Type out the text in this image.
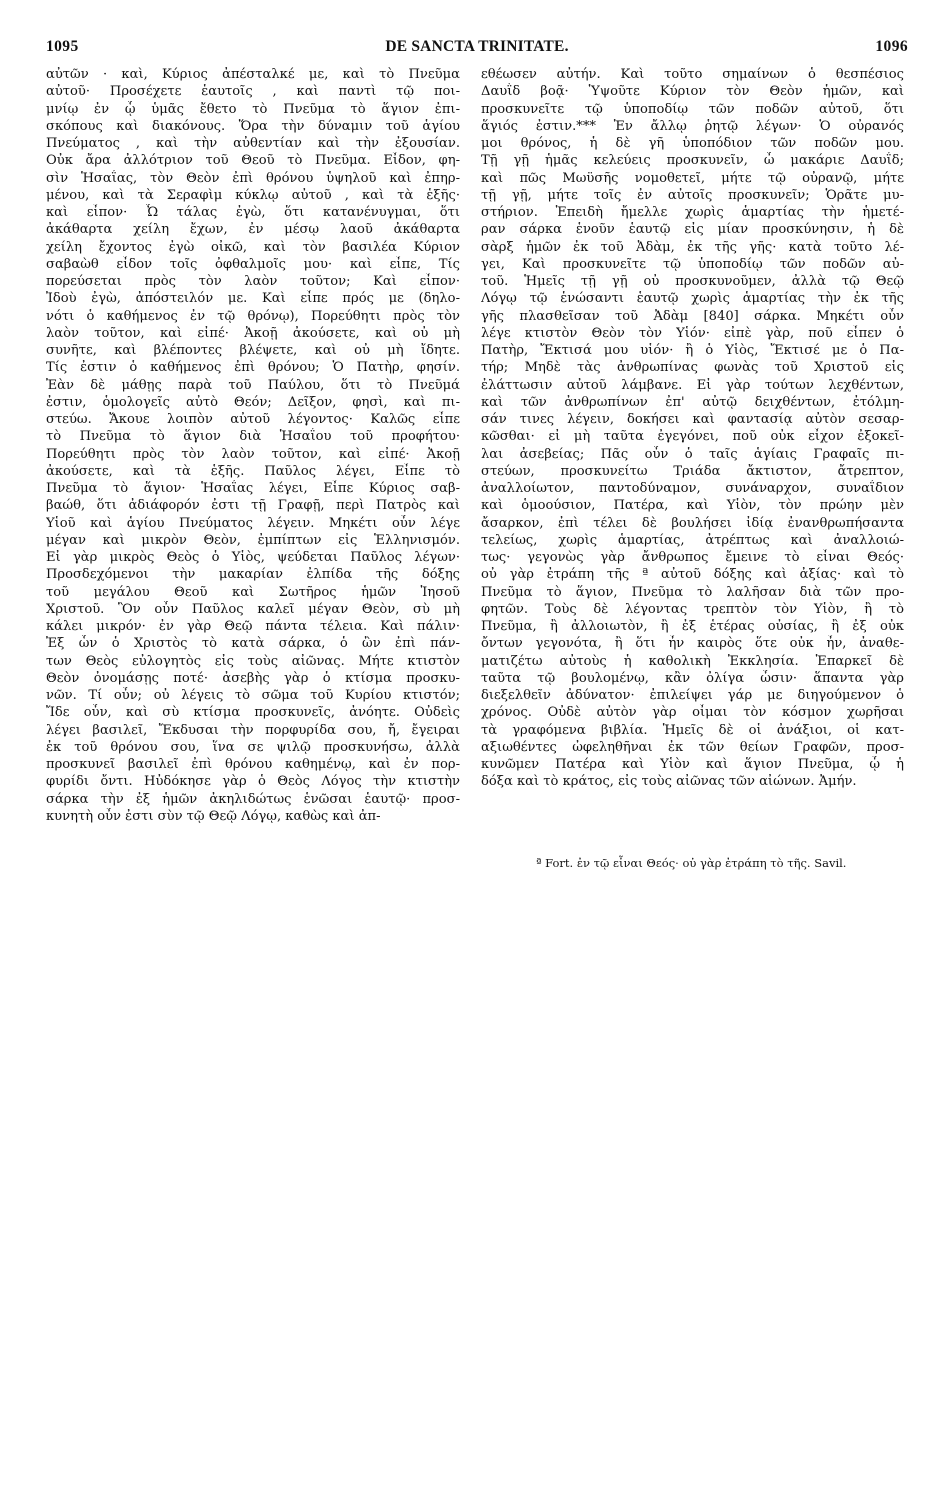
1095	DE SANCTA TRINITATE.	1096

αὐτῶν · καὶ, Κύριος ἀπέσταλκέ με, καὶ τὸ Πνεῦμα

αὐτοῦ· Προσέχετε ἑαυτοῖς , καὶ παντὶ τῷ ποι-

μνίῳ ἐν ᾧ ὑμᾶς ἔθετο τὸ Πνεῦμα τὸ ἅγιον ἐπι-

σκόπους καὶ διακόνους. Ὅρα τὴν δύναμιν τοῦ ἁγίου

Πνεύματος , καὶ τὴν αὐθεντίαν καὶ τὴν ἐξουσίαν.

Οὐκ ἄρα ἀλλότριον τοῦ Θεοῦ τὸ Πνεῦμα. Εἶδον, φη-

σὶν Ἡσαΐας, τὸν Θεὸν ἐπὶ θρόνου ὑψηλοῦ καὶ ἐπηρ-

μένου, καὶ τὰ Σεραφὶμ κύκλῳ αὐτοῦ , καὶ τὰ ἑξῆς·

καὶ εἶπον· Ὦ τάλας ἐγὼ, ὅτι κατανένυγμαι, ὅτι

ἀκάθαρτα χείλη ἔχων, ἐν μέσῳ λαοῦ ἀκάθαρτα

χείλη ἔχοντος ἐγὼ οἰκῶ, καὶ τὸν βασιλέα Κύριον

σαβαὼθ εἶδον τοῖς ὀφθαλμοῖς μου· καὶ εἶπε, Τίς

πορεύσεται πρὸς τὸν λαὸν τοῦτον; Καὶ εἶπον·

Ἰδοὺ ἐγὼ, ἀπόστειλόν με. Καὶ εἶπε πρός με (δηλο-

νότι ὁ καθήμενος ἐν τῷ θρόνῳ), Πορεύθητι πρὸς τὸν

λαὸν τοῦτον, καὶ εἰπέ· Ἀκοῇ ἀκούσετε, καὶ οὐ μὴ

συνῆτε, καὶ βλέποντες βλέψετε, καὶ οὐ μὴ ἴδητε.

Τίς ἐστιν ὁ καθήμενος ἐπὶ θρόνου; Ὁ Πατὴρ, φησίν.

Ἐὰν δὲ μάθῃς παρὰ τοῦ Παύλου, ὅτι τὸ Πνεῦμά

ἐστιν, ὁμολογεῖς αὐτὸ Θεόν; Δεῖξον, φησὶ, καὶ πι-

στεύω. Ἄκουε λοιπὸν αὐτοῦ λέγοντος· Καλῶς εἶπε

τὸ Πνεῦμα τὸ ἅγιον διὰ Ἡσαΐου τοῦ προφήτου·

Πορεύθητι πρὸς τὸν λαὸν τοῦτον, καὶ εἰπέ· Ἀκοῇ

ἀκούσετε, καὶ τὰ ἑξῆς. Παῦλος λέγει, Εἶπε τὸ

Πνεῦμα τὸ ἅγιον· Ἡσαΐας λέγει, Εἶπε Κύριος σαβ-

βαώθ, ὅτι ἀδιάφορόν ἐστι τῇ Γραφῇ, περὶ Πατρὸς καὶ

Υἱοῦ καὶ ἁγίου Πνεύματος λέγειν. Μηκέτι οὖν λέγε

μέγαν καὶ μικρὸν Θεὸν, ἐμπίπτων εἰς Ἑλληνισμόν.

Εἰ γὰρ μικρὸς Θεὸς ὁ Υἱὸς, ψεύδεται Παῦλος λέγων·

Προσδεχόμενοι τὴν μακαρίαν ἐλπίδα τῆς δόξης

τοῦ μεγάλου Θεοῦ καὶ Σωτῆρος ἡμῶν Ἰησοῦ

Χριστοῦ. Ὃν οὖν Παῦλος καλεῖ μέγαν Θεὸν, σὺ μὴ

κάλει μικρόν· ἐν γὰρ Θεῷ πάντα τέλεια. Καὶ πάλιν·

Ἐξ ὧν ὁ Χριστὸς τὸ κατὰ σάρκα, ὁ ὢν ἐπὶ πάν-

των Θεὸς εὐλογητὸς εἰς τοὺς αἰῶνας. Μήτε κτιστὸν

Θεὸν ὀνομάσῃς ποτέ· ἀσεβὴς γὰρ ὁ κτίσμα προσκυ-

νῶν. Τί οὖν; οὐ λέγεις τὸ σῶμα τοῦ Κυρίου κτιστόν;

Ἴδε οὖν, καὶ σὺ κτίσμα προσκυνεῖς, ἀνόητε. Οὐδεὶς

λέγει βασιλεῖ, Ἔκδυσαι τὴν πορφυρίδα σου, ἤ, ἔγειραι

ἐκ τοῦ θρόνου σου, ἵνα σε ψιλῷ προσκυνήσω, ἀλλὰ

προσκυνεῖ βασιλεῖ ἐπὶ θρόνου καθημένῳ, καὶ ἐν πορ-

φυρίδι ὄντι. Ηὐδόκησε γὰρ ὁ Θεὸς Λόγος τὴν κτιστὴν

σάρκα τὴν ἐξ ἡμῶν ἀκηλιδώτως ἑνῶσαι ἑαυτῷ· προσ-

κυνητὴ οὖν ἐστι σὺν τῷ Θεῷ Λόγῳ, καθὼς καὶ ἀπ-

εθέωσεν αὐτήν. Καὶ τοῦτο σημαίνων ὁ θεσπέσιος

Δαυῒδ βοᾷ· Ὑψοῦτε Κύριον τὸν Θεὸν ἡμῶν, καὶ

προσκυνεῖτε τῷ ὑποποδίῳ τῶν ποδῶν αὐτοῦ, ὅτι

ἅγιός ἐστιν.*** Ἐν ἄλλῳ ῥητῷ λέγων· Ὁ οὐρανός

μοι θρόνος, ἡ δὲ γῆ ὑποπόδιον τῶν ποδῶν μου.

Τῇ γῇ ἡμᾶς κελεύεις προσκυνεῖν, ὦ μακάριε Δαυΐδ;

καὶ πῶς Μωϋσῆς νομοθετεῖ, μήτε τῷ οὐρανῷ, μήτε

τῇ γῇ, μήτε τοῖς ἐν αὐτοῖς προσκυνεῖν; Ὁρᾶτε μυ-

στήριον. Ἐπειδὴ ἤμελλε χωρὶς ἁμαρτίας τὴν ἡμετέ-

ραν σάρκα ἑνοῦν ἑαυτῷ εἰς μίαν προσκύνησιν, ἡ δὲ

σὰρξ ἡμῶν ἐκ τοῦ Ἀδὰμ, ἐκ τῆς γῆς· κατὰ τοῦτο λέ-

γει, Καὶ προσκυνεῖτε τῷ ὑποποδίῳ τῶν ποδῶν αὐ-

τοῦ. Ἡμεῖς τῇ γῇ οὐ προσκυνοῦμεν, ἀλλὰ τῷ Θεῷ

Λόγῳ τῷ ἑνώσαντι ἑαυτῷ χωρὶς ἁμαρτίας τὴν ἐκ τῆς

γῆς πλασθεῖσαν τοῦ Ἀδὰμ [840] σάρκα. Μηκέτι οὖν

λέγε κτιστὸν Θεὸν τὸν Υἱόν· εἰπὲ γὰρ, ποῦ εἶπεν ὁ

Πατὴρ, Ἔκτισά μου υἱόν· ἢ ὁ Υἱὸς, Ἔκτισέ με ὁ Πα-

τήρ; Μηδὲ τὰς ἀνθρωπίνας φωνὰς τοῦ Χριστοῦ εἰς

ἐλάττωσιν αὐτοῦ λάμβανε. Εἰ γὰρ τούτων λεχθέντων,

καὶ τῶν ἀνθρωπίνων ἐπ' αὐτῷ δειχθέντων, ἐτόλμη-

σάν τινες λέγειν, δοκήσει καὶ φαντασίᾳ αὐτὸν σεσαρ-

κῶσθαι· εἰ μὴ ταῦτα ἐγεγόνει, ποῦ οὐκ εἶχον ἐξοκεῖ-

λαι ἀσεβείας; Πᾶς οὖν ὁ ταῖς ἁγίαις Γραφαῖς πι-

στεύων, προσκυνείτω Τριάδα ἄκτιστον, ἄτρεπτον,

ἀναλλοίωτον, παντοδύναμον, συνάναρχον, συναΐδιον

καὶ ὁμοούσιον, Πατέρα, καὶ Υἱὸν, τὸν πρώην μὲν

ἄσαρκον, ἐπὶ τέλει δὲ βουλήσει ἰδίᾳ ἐνανθρωπήσαντα

τελείως, χωρὶς ἁμαρτίας, ἀτρέπτως καὶ ἀναλλοιώ-

τως· γεγονὼς γὰρ ἄνθρωπος ἔμεινε τὸ εἶναι Θεός·

οὐ γὰρ ἐτράπη τῆς ª αὐτοῦ δόξης καὶ ἀξίας· καὶ τὸ

Πνεῦμα τὸ ἅγιον, Πνεῦμα τὸ λαλῆσαν διὰ τῶν προ-

φητῶν. Τοὺς δὲ λέγοντας τρεπτὸν τὸν Υἱὸν, ἢ τὸ

Πνεῦμα, ἢ ἀλλοιωτὸν, ἢ ἐξ ἑτέρας οὐσίας, ἢ ἐξ οὐκ

ὄντων γεγονότα, ἢ ὅτι ἦν καιρὸς ὅτε οὐκ ἦν, ἀναθε-

ματιζέτω αὐτοὺς ἡ καθολικὴ Ἐκκλησία. Ἐπαρκεῖ δὲ

ταῦτα τῷ βουλομένῳ, κἂν ὀλίγα ὦσιν· ἅπαντα γὰρ

διεξελθεῖν ἀδύνατον· ἐπιλείψει γάρ με διηγούμενον ὁ

χρόνος. Οὐδὲ αὐτὸν γὰρ οἶμαι τὸν κόσμον χωρῆσαι

τὰ γραφόμενα βιβλία. Ἡμεῖς δὲ οἱ ἀνάξιοι, οἱ κατ-

αξιωθέντες ὠφεληθῆναι ἐκ τῶν θείων Γραφῶν, προσ-

κυνῶμεν Πατέρα καὶ Υἱὸν καὶ ἅγιον Πνεῦμα, ᾧ ἡ

δόξα καὶ τὸ κράτος, εἰς τοὺς αἰῶνας τῶν αἰώνων. Ἀμήν.

ª Fort. ἐν τῷ εἶναι Θεός· οὐ γὰρ ἐτράπη τὸ τῆς. Savil.
